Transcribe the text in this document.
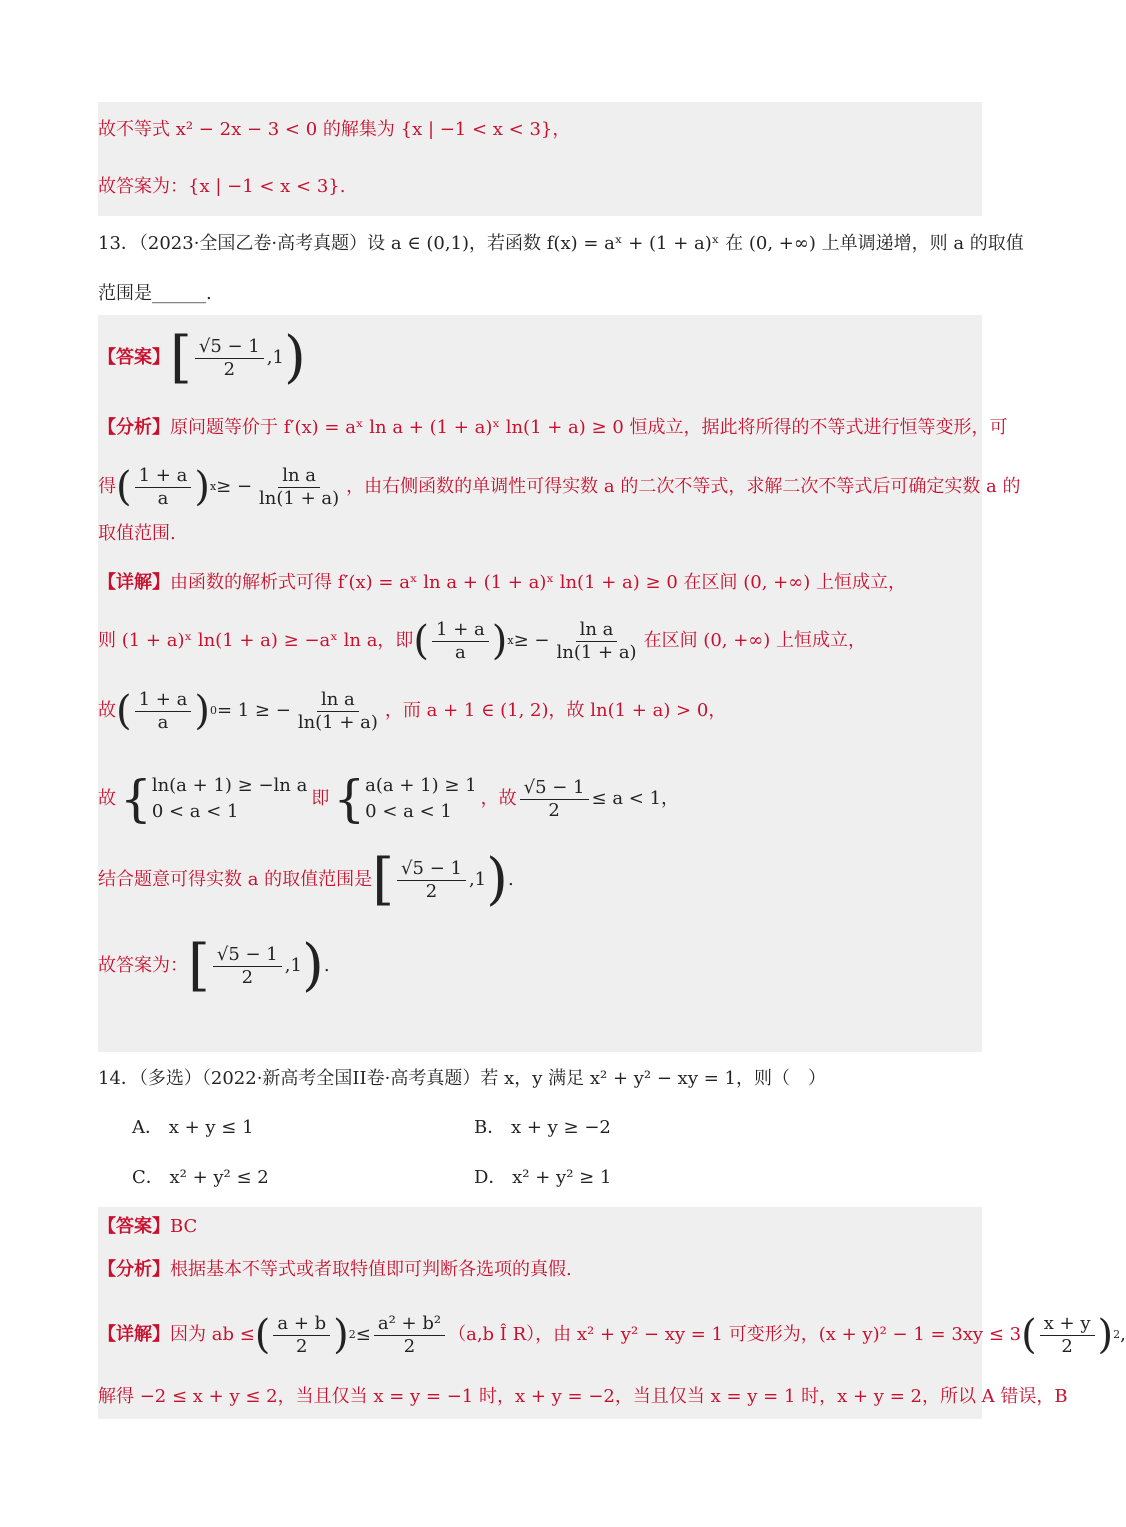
故不等式 x² − 2x − 3 < 0 的解集为 {x | −1 < x < 3}，
故答案为：{x | −1 < x < 3}.
13．（2023·全国乙卷·高考真题）设 a ∈ (0,1)，若函数 f(x) = aˣ + (1 + a)ˣ 在 (0, +∞) 上单调递增，则 a 的取值
范围是______.
【答案】 [ $\frac{√5 - 1}{2} ,1$ )
【分析】 原问题等价于 f′(x) = aˣ ln a + (1 + a)ˣ ln(1 + a) ≥ 0 恒成立，据此将所得的不等式进行恒等变形，可
得 ( $\frac{1 + a}{a}$ ) x ≥ − $\frac{\text{ln a}}{\ln(1 + a)}$ ，由右侧函数的单调性可得实数 a 的二次不等式，求解二次不等式后可确定实数 a 的
取值范围.
【详解】 由函数的解析式可得 f′(x) = aˣ ln a + (1 + a)ˣ ln(1 + a) ≥ 0 在区间 (0, +∞) 上恒成立，
则 (1 + a)ˣ ln(1 + a) ≥ −aˣ ln a，即 ( $\frac{1 + a}{a}$ ) x ≥ − $\frac{\text{ln a}}{\ln(1 + a)}$ 在区间 (0, +∞) 上恒成立，
故 ( $\frac{1 + a}{a}$ ) 0 = 1 ≥ − $\frac{\text{ln a}}{\ln(1 + a)}$ ，而 a + 1 ∈ (1, 2)，故 ln(1 + a) > 0，
故 { ln(a + 1) ≥ −ln a
0 < a < 1
即 { a(a + 1) ≥ 1
0 < a < 1
，故 $\frac{√5 - 1}{2} \le a < 1$，
结合题意可得实数 a 的取值范围是 [ $\frac{√5 - 1}{2} ,1$ ) .
故答案为： [ $\frac{√5 - 1}{2} ,1$ ) .
14．（多选）（2022·新高考全国II卷·高考真题）若 x，y 满足 x² + y² − xy = 1，则（　）
A． x + y ≤ 1	B． x + y ≥ −2
C． x² + y² ≤ 2	D． x² + y² ≥ 1
【答案】 BC
【分析】 根据基本不等式或者取特值即可判断各选项的真假.
【详解】 因为 ab ≤ ( $\frac{a + b}{2}$ ) $2 \le \frac{\text{a² + b²}}{2} (a,b$ Î R），由 x² + y² − xy = 1 可变形为，(x + y)² − 1 = 3xy ≤ 3 ( $\frac{x + y}{2}$ ) 2 ,
解得 −2 ≤ x + y ≤ 2，当且仅当 x = y = −1 时，x + y = −2，当且仅当 x = y = 1 时，x + y = 2，所以 A 错误，B
